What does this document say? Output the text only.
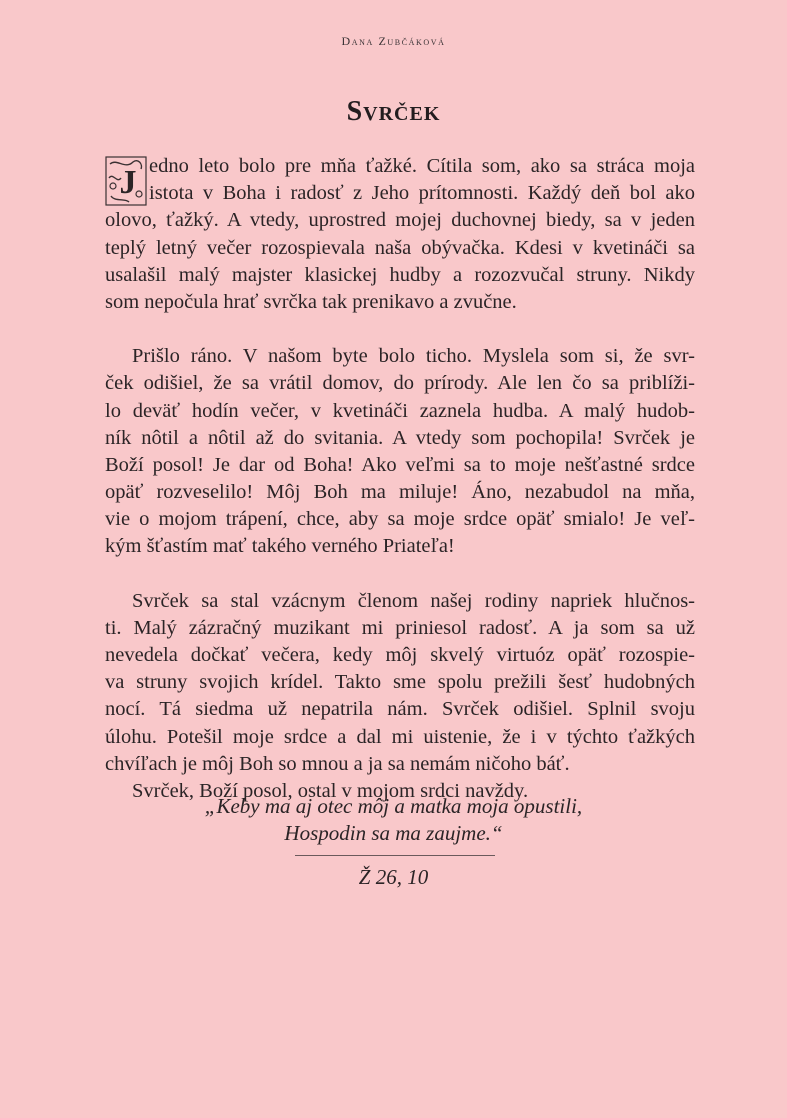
Dana Zubčáková
Svrček
J edno leto bolo pre mňa ťažké. Cítila som, ako sa stráca moja
istota v Boha i radosť z Jeho prítomnosti. Každý deň bol ako
olovo, ťažký. A vtedy, uprostred mojej duchovnej biedy, sa v jeden
teplý letný večer rozospievala naša obývačka. Kdesi v kvetináči sa
usalašil malý majster klasickej hudby a rozozvučal struny. Nikdy
som nepočula hrať svrčka tak prenikavo a zvučne.
Prišlo ráno. V našom byte bolo ticho. Myslela som si, že svr-
ček odišiel, že sa vrátil domov, do prírody. Ale len čo sa priblíži-
lo deväť hodín večer, v kvetináči zaznela hudba. A malý hudob-
ník nôtil a nôtil až do svitania. A vtedy som pochopila! Svrček je
Boží posol! Je dar od Boha! Ako veľmi sa to moje nešťastné srdce
opäť rozveselilo! Môj Boh ma miluje! Áno, nezabudol na mňa,
vie o mojom trápení, chce, aby sa moje srdce opäť smialo! Je veľ-
kým šťastím mať takého verného Priateľa!
Svrček sa stal vzácnym členom našej rodiny napriek hlučnos-
ti. Malý zázračný muzikant mi priniesol radosť. A ja som sa už
nevedela dočkať večera, kedy môj skvelý virtuóz opäť rozospie-
va struny svojich krídel. Takto sme spolu prežili šesť hudobných
nocí. Tá siedma už nepatrila nám. Svrček odišiel. Splnil svoju
úlohu. Potešil moje srdce a dal mi uistenie, že i v týchto ťažkých
chvíľach je môj Boh so mnou a ja sa nemám ničoho báť.
Svrček, Boží posol, ostal v mojom srdci navždy.
„Keby ma aj otec môj a matka moja opustili,
Hospodin sa ma zaujme.“
Ž 26, 10
